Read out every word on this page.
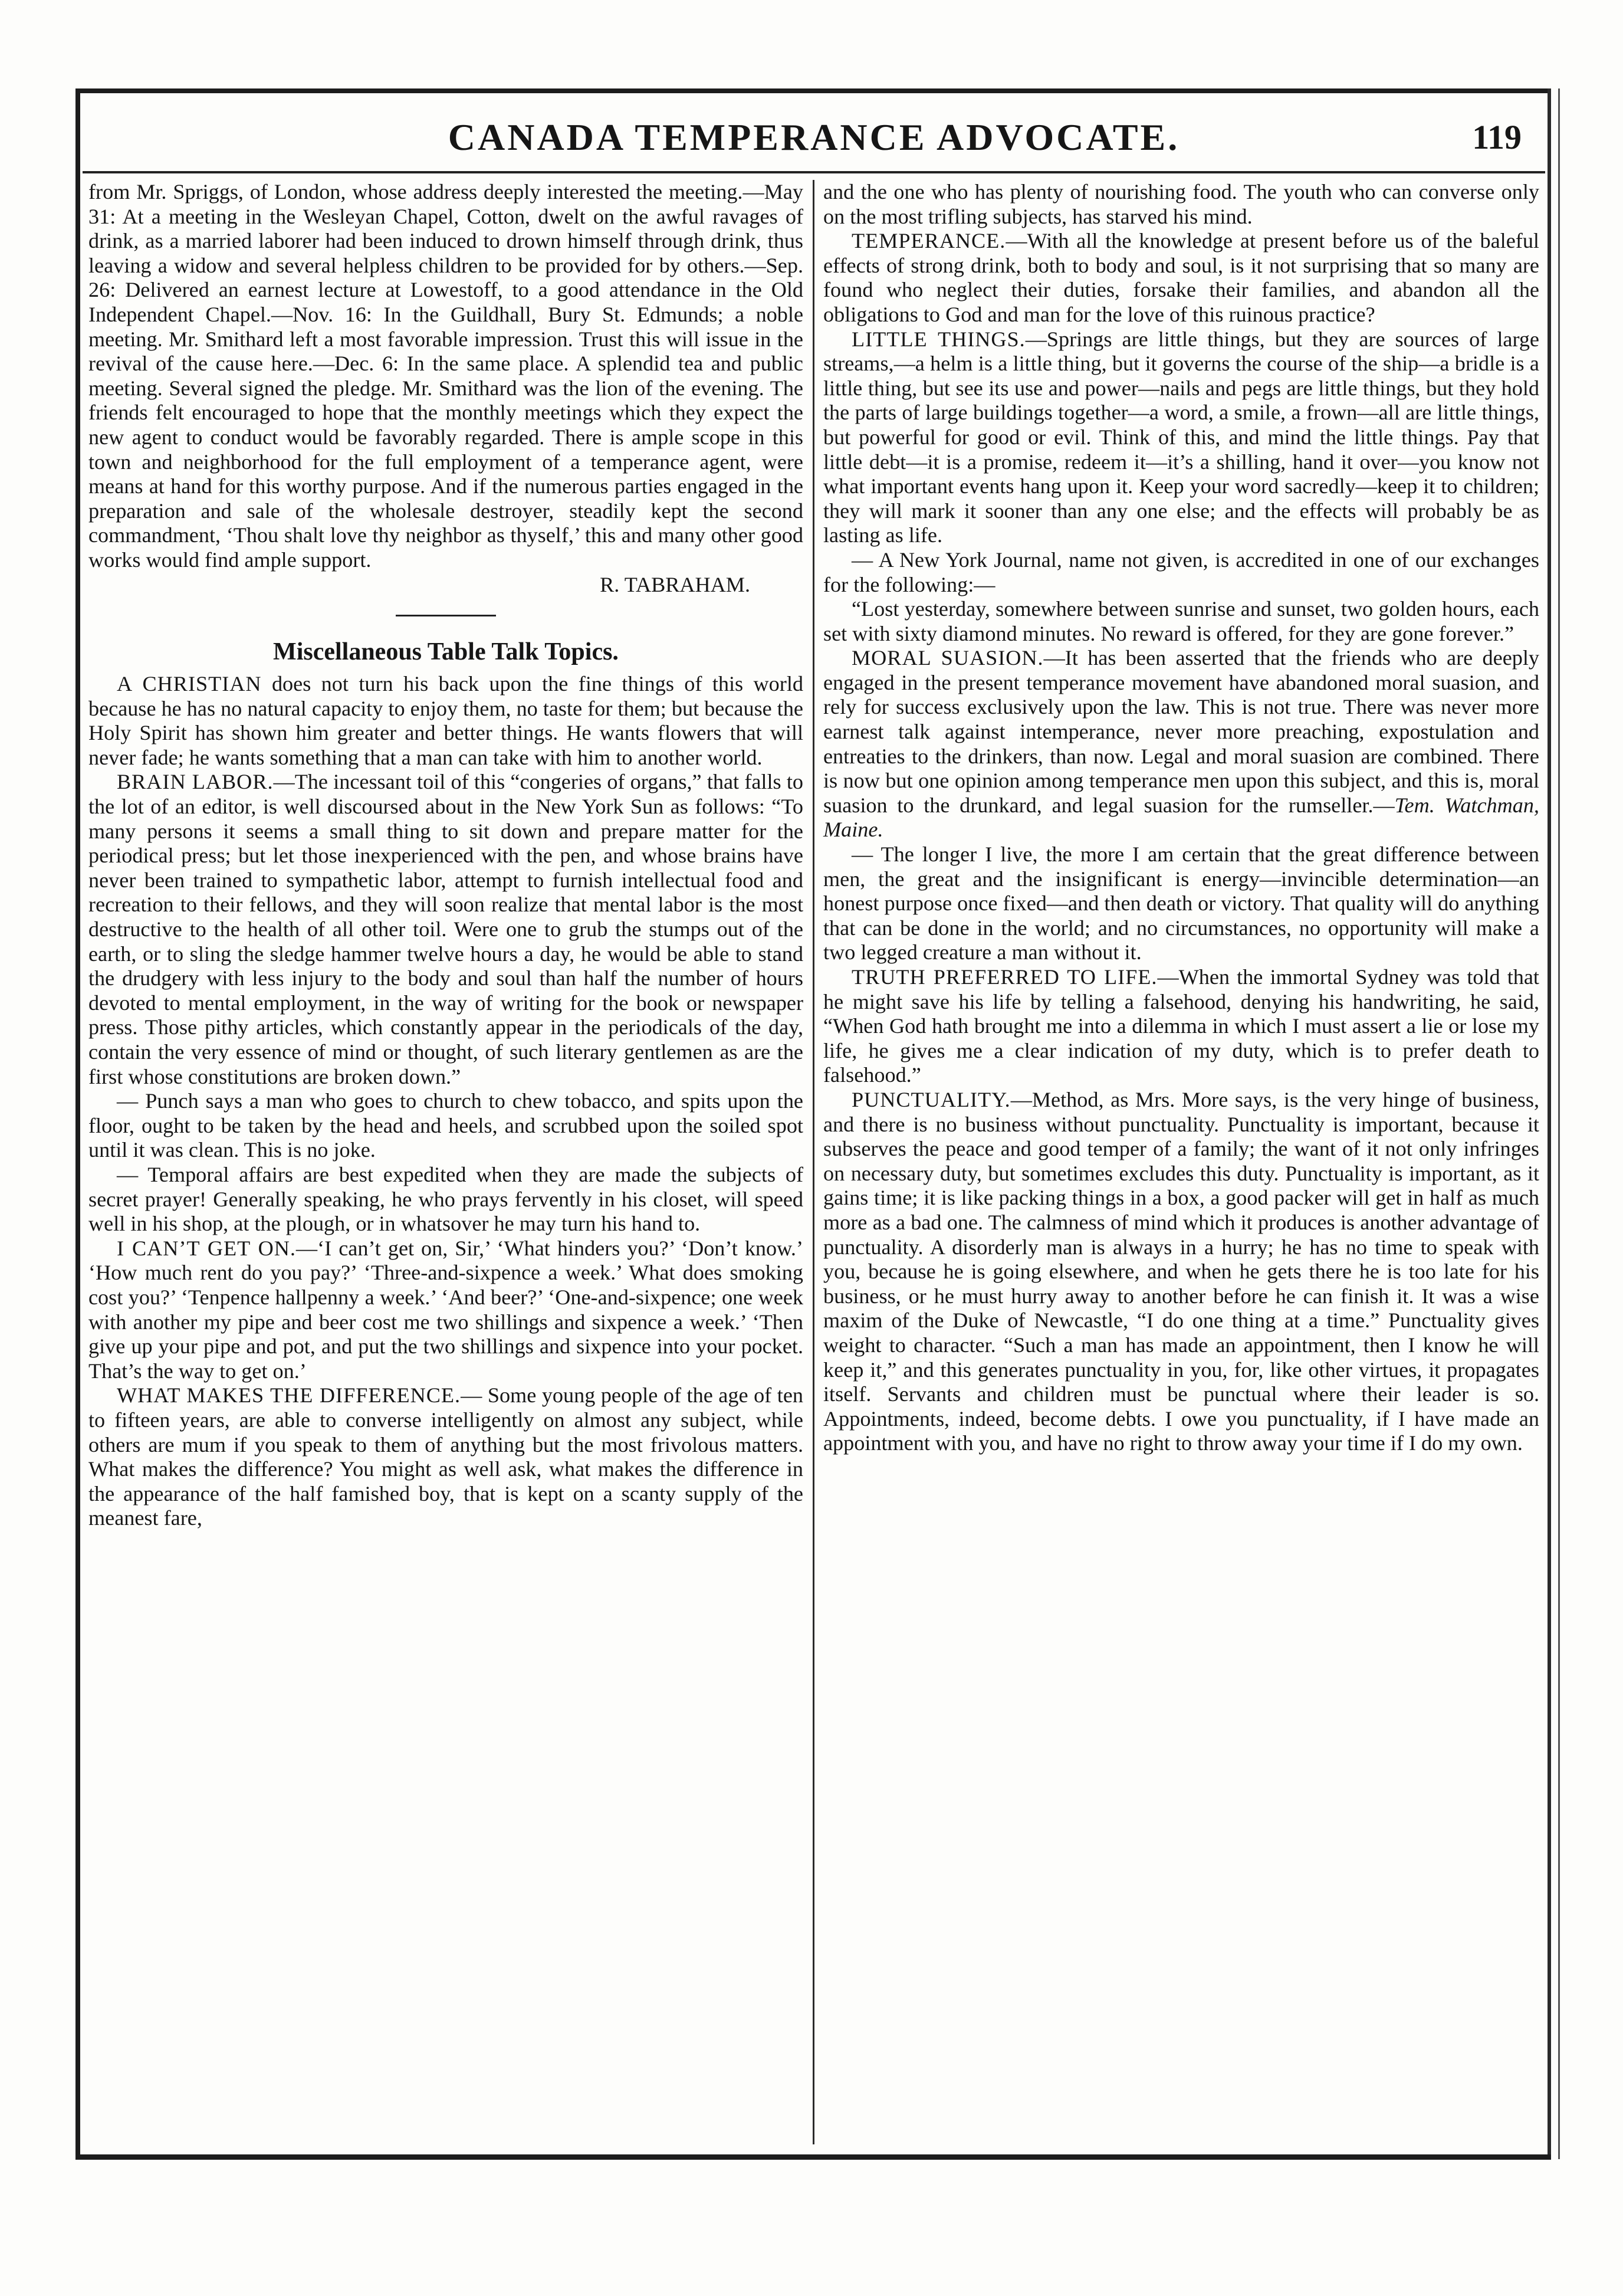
CANADA TEMPERANCE ADVOCATE.	119

from Mr. Spriggs, of London, whose address deeply interested the meeting.—May 31: At a meeting in the Wesleyan Chapel, Cotton, dwelt on the awful ravages of drink, as a married laborer had been induced to drown himself through drink, thus leaving a widow and several helpless children to be provided for by others.—Sep. 26: Delivered an earnest lecture at Lowestoff, to a good attendance in the Old Independent Chapel.—Nov. 16: In the Guildhall, Bury St. Edmunds; a noble meeting. Mr. Smithard left a most favorable impression. Trust this will issue in the revival of the cause here.—Dec. 6: In the same place. A splendid tea and public meeting. Several signed the pledge. Mr. Smithard was the lion of the evening. The friends felt encouraged to hope that the monthly meetings which they expect the new agent to conduct would be favorably regarded. There is ample scope in this town and neighborhood for the full employment of a temperance agent, were means at hand for this worthy purpose. And if the numerous parties engaged in the preparation and sale of the wholesale destroyer, steadily kept the second commandment, ‘Thou shalt love thy neighbor as thyself,’ this and many other good works would find ample support.

R. TABRAHAM.
Miscellaneous Table Talk Topics.

A CHRISTIAN does not turn his back upon the fine things of this world because he has no natural capacity to enjoy them, no taste for them; but because the Holy Spirit has shown him greater and better things. He wants flowers that will never fade; he wants something that a man can take with him to another world.

BRAIN LABOR.—The incessant toil of this “congeries of organs,” that falls to the lot of an editor, is well discoursed about in the New York Sun as follows: “To many persons it seems a small thing to sit down and prepare matter for the periodical press; but let those inexperienced with the pen, and whose brains have never been trained to sympathetic labor, attempt to furnish intellectual food and recreation to their fellows, and they will soon realize that mental labor is the most destructive to the health of all other toil. Were one to grub the stumps out of the earth, or to sling the sledge hammer twelve hours a day, he would be able to stand the drudgery with less injury to the body and soul than half the number of hours devoted to mental employment, in the way of writing for the book or newspaper press. Those pithy articles, which constantly appear in the periodicals of the day, contain the very essence of mind or thought, of such literary gentlemen as are the first whose constitutions are broken down.”

— Punch says a man who goes to church to chew tobacco, and spits upon the floor, ought to be taken by the head and heels, and scrubbed upon the soiled spot until it was clean. This is no joke.

— Temporal affairs are best expedited when they are made the subjects of secret prayer! Generally speaking, he who prays fervently in his closet, will speed well in his shop, at the plough, or in whatsover he may turn his hand to.

I CAN’T GET ON.—‘I can’t get on, Sir,’ ‘What hinders you?’ ‘Don’t know.’ ‘How much rent do you pay?’ ‘Three-and-sixpence a week.’ What does smoking cost you?’ ‘Tenpence hallpenny a week.’ ‘And beer?’ ‘One-and-sixpence; one week with another my pipe and beer cost me two shillings and sixpence a week.’ ‘Then give up your pipe and pot, and put the two shillings and sixpence into your pocket. That’s the way to get on.’

WHAT MAKES THE DIFFERENCE.— Some young people of the age of ten to fifteen years, are able to converse intelligently on almost any subject, while others are mum if you speak to them of anything but the most frivolous matters. What makes the difference? You might as well ask, what makes the difference in the appearance of the half famished boy, that is kept on a scanty supply of the meanest fare,

and the one who has plenty of nourishing food. The youth who can converse only on the most trifling subjects, has starved his mind.

TEMPERANCE.—With all the knowledge at present before us of the baleful effects of strong drink, both to body and soul, is it not surprising that so many are found who neglect their duties, forsake their families, and abandon all the obligations to God and man for the love of this ruinous practice?

LITTLE THINGS.—Springs are little things, but they are sources of large streams,—a helm is a little thing, but it governs the course of the ship—a bridle is a little thing, but see its use and power—nails and pegs are little things, but they hold the parts of large buildings together—a word, a smile, a frown—all are little things, but powerful for good or evil. Think of this, and mind the little things. Pay that little debt—it is a promise, redeem it—it’s a shilling, hand it over—you know not what important events hang upon it. Keep your word sacredly—keep it to children; they will mark it sooner than any one else; and the effects will probably be as lasting as life.

— A New York Journal, name not given, is accredited in one of our exchanges for the following:—

“Lost yesterday, somewhere between sunrise and sunset, two golden hours, each set with sixty diamond minutes. No reward is offered, for they are gone forever.”

MORAL SUASION.—It has been asserted that the friends who are deeply engaged in the present temperance movement have abandoned moral suasion, and rely for success exclusively upon the law. This is not true. There was never more earnest talk against intemperance, never more preaching, expostulation and entreaties to the drinkers, than now. Legal and moral suasion are combined. There is now but one opinion among temperance men upon this subject, and this is, moral suasion to the drunkard, and legal suasion for the rumseller.—Tem. Watchman, Maine.

— The longer I live, the more I am certain that the great difference between men, the great and the insignificant is energy—invincible determination—an honest purpose once fixed—and then death or victory. That quality will do anything that can be done in the world; and no circumstances, no opportunity will make a two legged creature a man without it.

TRUTH PREFERRED TO LIFE.—When the immortal Sydney was told that he might save his life by telling a falsehood, denying his handwriting, he said, “When God hath brought me into a dilemma in which I must assert a lie or lose my life, he gives me a clear indication of my duty, which is to prefer death to falsehood.”

PUNCTUALITY.—Method, as Mrs. More says, is the very hinge of business, and there is no business without punctuality. Punctuality is important, because it subserves the peace and good temper of a family; the want of it not only infringes on necessary duty, but sometimes excludes this duty. Punctuality is important, as it gains time; it is like packing things in a box, a good packer will get in half as much more as a bad one. The calmness of mind which it produces is another advantage of punctuality. A disorderly man is always in a hurry; he has no time to speak with you, because he is going elsewhere, and when he gets there he is too late for his business, or he must hurry away to another before he can finish it. It was a wise maxim of the Duke of Newcastle, “I do one thing at a time.” Punctuality gives weight to character. “Such a man has made an appointment, then I know he will keep it,” and this generates punctuality in you, for, like other virtues, it propagates itself. Servants and children must be punctual where their leader is so. Appointments, indeed, become debts. I owe you punctuality, if I have made an appointment with you, and have no right to throw away your time if I do my own.
